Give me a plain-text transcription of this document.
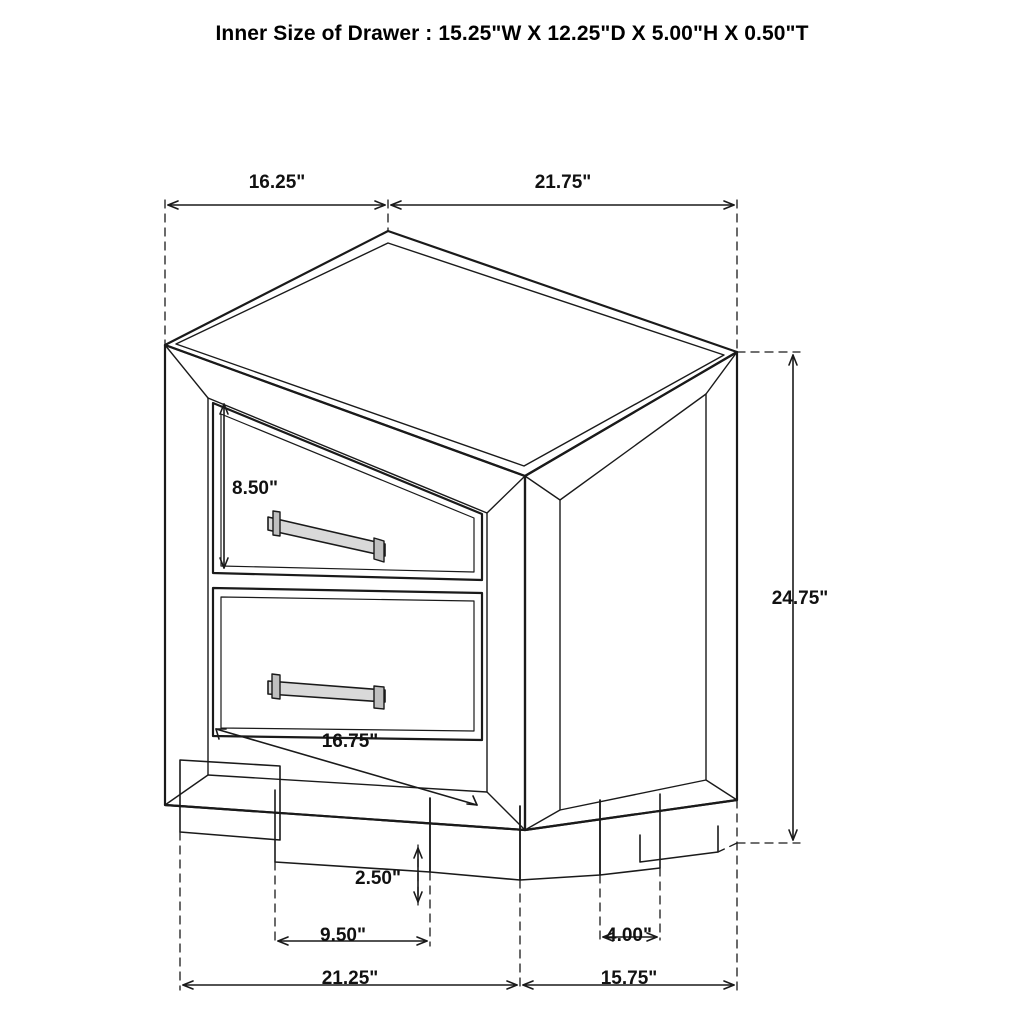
Inner Size of Drawer : 15.25"W X 12.25"D X 5.00"H X 0.50"T
16.25"	21.75"
8.50"
24.75"
16.75"
2.50"
9.50"	4.00"
21.25"	15.75"
